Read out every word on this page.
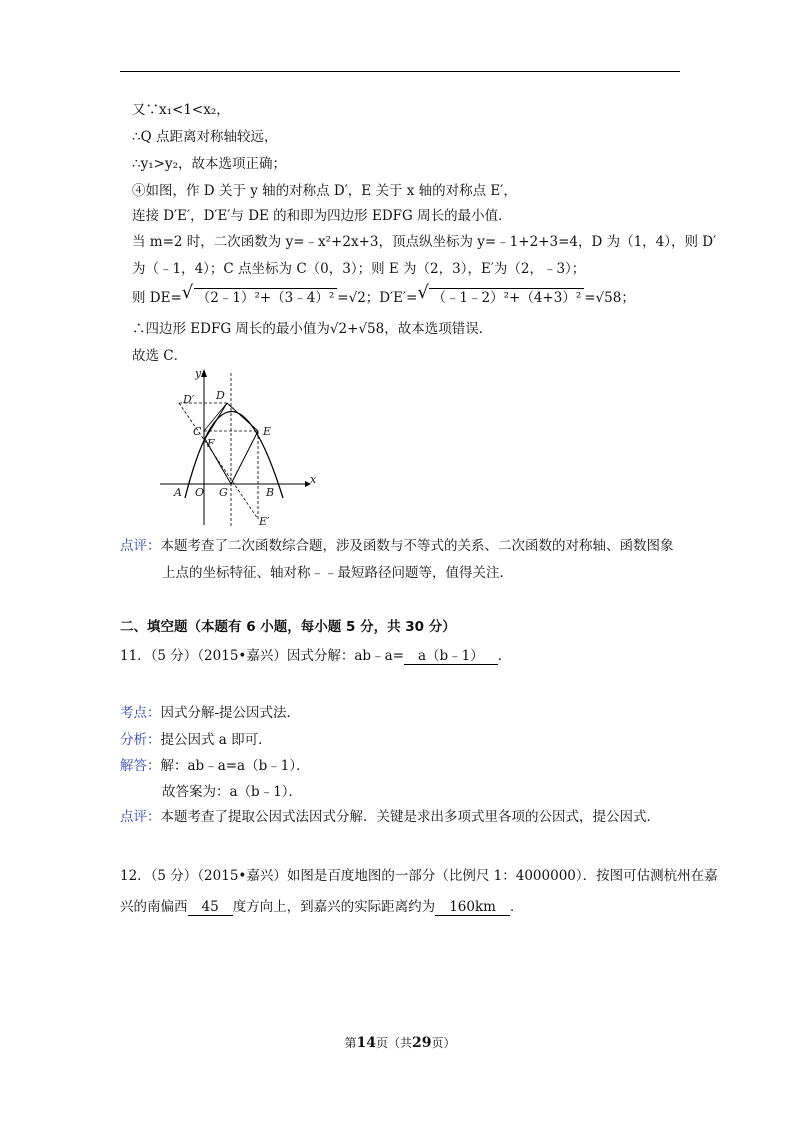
又∵x₁<1<x₂，
∴Q 点距离对称轴较远，
∴y₁>y₂，故本选项正确；
④如图，作 D 关于 y 轴的对称点 D′，E 关于 x 轴的对称点 E′，
连接 D′E′，D′E′与 DE 的和即为四边形 EDFG 周长的最小值．
当 m=2 时，二次函数为 y=﹣x²+2x+3，顶点纵坐标为 y=﹣1+2+3=4，D 为（1，4），则 D′
为（﹣1，4）；C 点坐标为 C（0，3）；则 E 为（2，3），E′为（2，﹣3）；
则 DE= √ （2﹣1）²+（3﹣4）² =√2；D′E′= √ （﹣1﹣2）²+（4+3）² =√58；
∴四边形 EDFG 周长的最小值为√2+√58，故本选项错误．
故选 C．
y
x
D′ D
C
F
E
A O G	B
E′
点评：本题考查了二次函数综合题，涉及函数与不等式的关系、二次函数的对称轴、函数图象
上点的坐标特征、轴对称﹣﹣最短路径问题等，值得关注．
二、填空题（本题有 6 小题，每小题 5 分，共 30 分）
11．（5 分）（2015•嘉兴）因式分解：ab﹣a= a（b﹣1） ．
考点：因式分解-提公因式法．
分析：提公因式 a 即可．
解答：解：ab﹣a=a（b﹣1）．
故答案为：a（b﹣1）．
点评：本题考查了提取公因式法因式分解．关键是求出多项式里各项的公因式，提公因式．
12．（5 分）（2015•嘉兴）如图是百度地图的一部分（比例尺 1：4000000）．按图可估测杭州在嘉
兴的南偏西 45 度方向上，到嘉兴的实际距离约为 160km ．
第14页（共29页）
